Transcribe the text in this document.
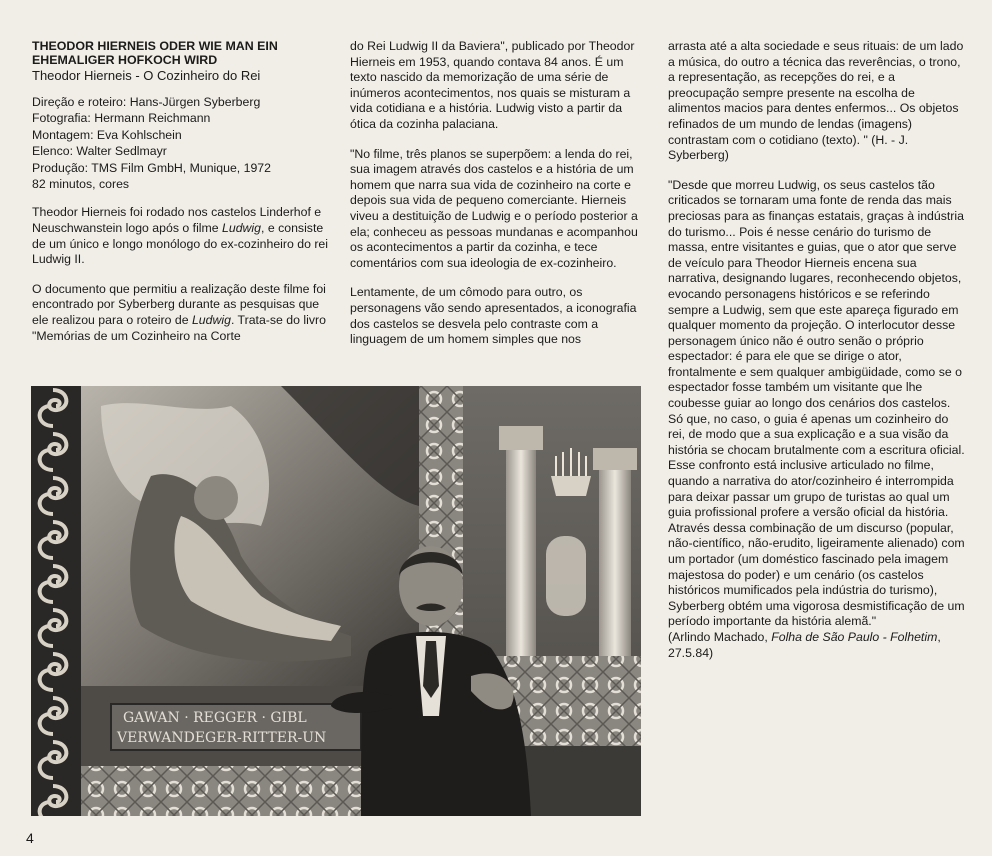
THEODOR HIERNEIS ODER WIE MAN EIN
EHEMALIGER HOFKOCH WIRD
Theodor Hierneis - O Cozinheiro do Rei
Direção e roteiro: Hans-Jürgen Syberberg
Fotografia: Hermann Reichmann
Montagem: Eva Kohlschein
Elenco: Walter Sedlmayr
Produção: TMS Film GmbH, Munique, 1972
82 minutos, cores

Theodor Hierneis foi rodado nos castelos Linderhof e Neuschwanstein logo após o filme Ludwig, e consiste de um único e longo monólogo do ex-cozinheiro do rei Ludwig II.

O documento que permitiu a realização deste filme foi encontrado por Syberberg durante as pesquisas que ele realizou para o roteiro de Ludwig. Trata-se do livro "Memórias de um Cozinheiro na Corte

do Rei Ludwig II da Baviera", publicado por Theodor Hierneis em 1953, quando contava 84 anos. É um texto nascido da memorização de uma série de inúmeros acontecimentos, nos quais se misturam a vida cotidiana e a história. Ludwig visto a partir da ótica da cozinha palaciana.

"No filme, três planos se superpõem: a lenda do rei, sua imagem através dos castelos e a história de um homem que narra sua vida de cozinheiro na corte e depois sua vida de pequeno comerciante. Hierneis viveu a destituição de Ludwig e o período posterior a ela; conheceu as pessoas mundanas e acompanhou os acontecimentos a partir da cozinha, e tece comentários com sua ideologia de ex-cozinheiro.

Lentamente, de um cômodo para outro, os personagens vão sendo apresentados, a iconografia dos castelos se desvela pelo contraste com a linguagem de um homem simples que nos

arrasta até a alta sociedade e seus rituais: de um lado a música, do outro a técnica das reverências, o trono, a representação, as recepções do rei, e a preocupação sempre presente na escolha de alimentos macios para dentes enfermos... Os objetos refinados de um mundo de lendas (imagens) contrastam com o cotidiano (texto). " (H. - J. Syberberg)

"Desde que morreu Ludwig, os seus castelos tão criticados se tornaram uma fonte de renda das mais preciosas para as finanças estatais, graças à indústria do turismo... Pois é nesse cenário do turismo de massa, entre visitantes e guias, que o ator que serve de veículo para Theodor Hierneis encena sua narrativa, designando lugares, reconhecendo objetos, evocando personagens históricos e se referindo sempre a Ludwig, sem que este apareça figurado em qualquer momento da projeção. O interlocutor desse personagem único não é outro senão o próprio espectador: é para ele que se dirige o ator, frontalmente e sem qualquer ambigüidade, como se o espectador fosse também um visitante que lhe coubesse guiar ao longo dos cenários dos castelos. Só que, no caso, o guia é apenas um cozinheiro do rei, de modo que a sua explicação e a sua visão da história se chocam brutalmente com a escritura oficial. Esse confronto está inclusive articulado no filme, quando a narrativa do ator/cozinheiro é interrompida para deixar passar um grupo de turistas ao qual um guia profissional profere a versão oficial da história. Através dessa combinação de um discurso (popular, não-científico, não-erudito, ligeiramente alienado) com um portador (um doméstico fascinado pela imagem majestosa do poder) e um cenário (os castelos históricos mumificados pela indústria do turismo), Syberberg obtém uma vigorosa desmistificação de um período importante da história alemã."
(Arlindo Machado, Folha de São Paulo - Folhetim, 27.5.84)

GAWAN · REGGER · GIBL
VERWANDEGER-RITTER-UN
4
